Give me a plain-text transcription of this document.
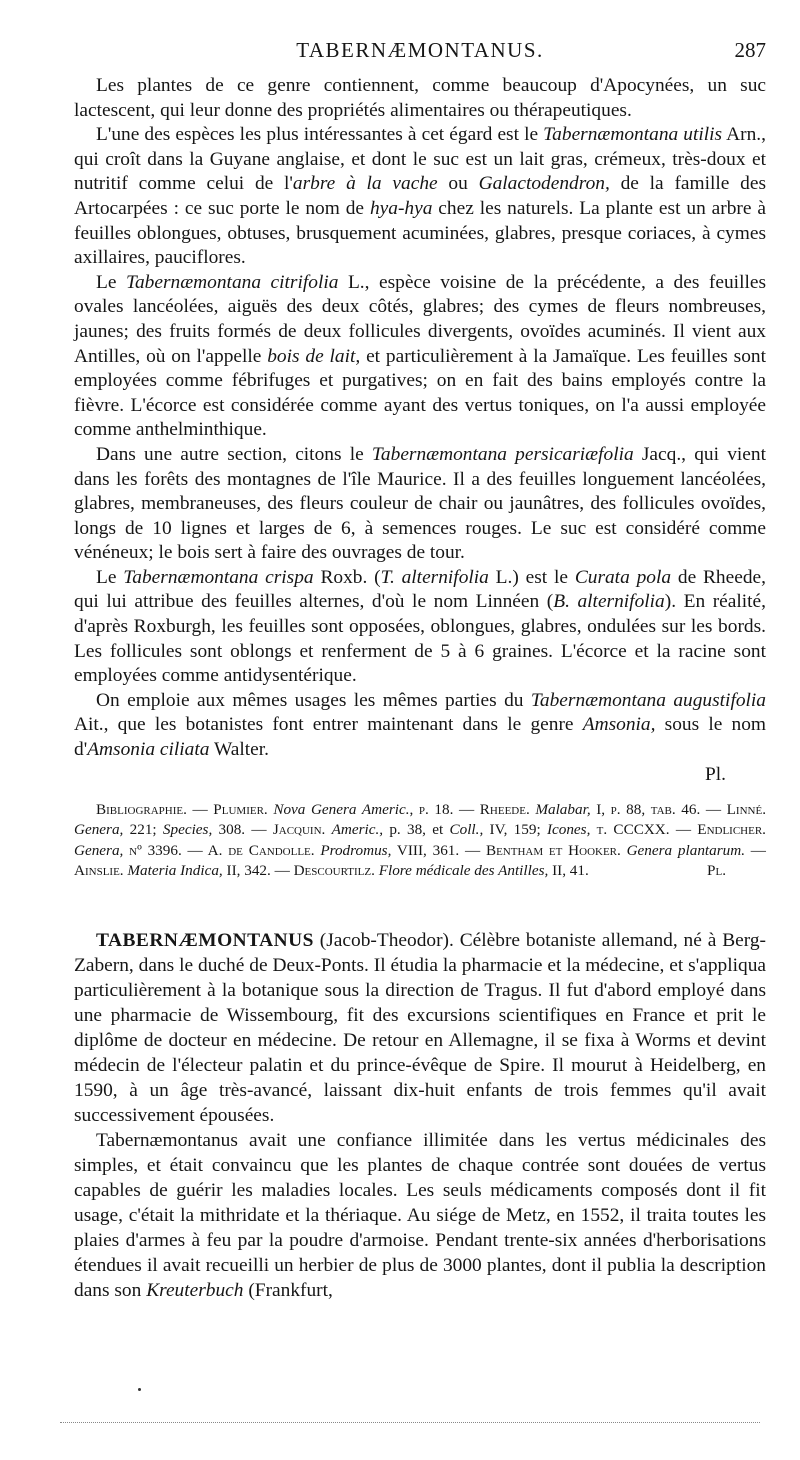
TABERNÆMONTANUS.	287

Les plantes de ce genre contiennent, comme beaucoup d'Apocynées, un suc lactescent, qui leur donne des propriétés alimentaires ou thérapeutiques.

L'une des espèces les plus intéressantes à cet égard est le Tabernæmontana utilis Arn., qui croît dans la Guyane anglaise, et dont le suc est un lait gras, crémeux, très-doux et nutritif comme celui de l'arbre à la vache ou Galactodendron, de la famille des Artocarpées : ce suc porte le nom de hya-hya chez les naturels. La plante est un arbre à feuilles oblongues, obtuses, brusquement acuminées, glabres, presque coriaces, à cymes axillaires, pauciflores.

Le Tabernæmontana citrifolia L., espèce voisine de la précédente, a des feuilles ovales lancéolées, aiguës des deux côtés, glabres; des cymes de fleurs nombreuses, jaunes; des fruits formés de deux follicules divergents, ovoïdes acuminés. Il vient aux Antilles, où on l'appelle bois de lait, et particulièrement à la Jamaïque. Les feuilles sont employées comme fébrifuges et purgatives; on en fait des bains employés contre la fièvre. L'écorce est considérée comme ayant des vertus toniques, on l'a aussi employée comme anthelminthique.

Dans une autre section, citons le Tabernæmontana persicariæfolia Jacq., qui vient dans les forêts des montagnes de l'île Maurice. Il a des feuilles longuement lancéolées, glabres, membraneuses, des fleurs couleur de chair ou jaunâtres, des follicules ovoïdes, longs de 10 lignes et larges de 6, à semences rouges. Le suc est considéré comme vénéneux; le bois sert à faire des ouvrages de tour.

Le Tabernæmontana crispa Roxb. (T. alternifolia L.) est le Curata pola de Rheede, qui lui attribue des feuilles alternes, d'où le nom Linnéen (B. alternifolia). En réalité, d'après Roxburgh, les feuilles sont opposées, oblongues, glabres, ondulées sur les bords. Les follicules sont oblongs et renferment de 5 à 6 graines. L'écorce et la racine sont employées comme antidysentérique.

On emploie aux mêmes usages les mêmes parties du Tabernæmontana augustifolia Ait., que les botanistes font entrer maintenant dans le genre Amsonia, sous le nom d'Amsonia ciliata Walter.

Pl.

Bibliographie. — Plumier. Nova Genera Americ., p. 18. — Rheede. Malabar, I, p. 88, tab. 46. — Linné. Genera, 221; Species, 308. — Jacquin. Americ., p. 38, et Coll., IV, 159; Icones, t. CCCXX. — Endlicher. Genera, nº 3396. — A. de Candolle. Prodromus, VIII, 361. — Bentham et Hooker. Genera plantarum. — Ainslie. Materia Indica, II, 342. — Descourtilz. Flore médicale des Antilles, II, 41.	Pl.

TABERNÆMONTANUS (Jacob-Theodor). Célèbre botaniste allemand, né à Berg-Zabern, dans le duché de Deux-Ponts. Il étudia la pharmacie et la médecine, et s'appliqua particulièrement à la botanique sous la direction de Tragus. Il fut d'abord employé dans une pharmacie de Wissembourg, fit des excursions scientifiques en France et prit le diplôme de docteur en médecine. De retour en Allemagne, il se fixa à Worms et devint médecin de l'électeur palatin et du prince-évêque de Spire. Il mourut à Heidelberg, en 1590, à un âge très-avancé, laissant dix-huit enfants de trois femmes qu'il avait successivement épousées.

Tabernæmontanus avait une confiance illimitée dans les vertus médicinales des simples, et était convaincu que les plantes de chaque contrée sont douées de vertus capables de guérir les maladies locales. Les seuls médicaments composés dont il fit usage, c'était la mithridate et la thériaque. Au siége de Metz, en 1552, il traita toutes les plaies d'armes à feu par la poudre d'armoise. Pendant trente-six années d'herborisations étendues il avait recueilli un herbier de plus de 3000 plantes, dont il publia la description dans son Kreuterbuch (Frankfurt,
